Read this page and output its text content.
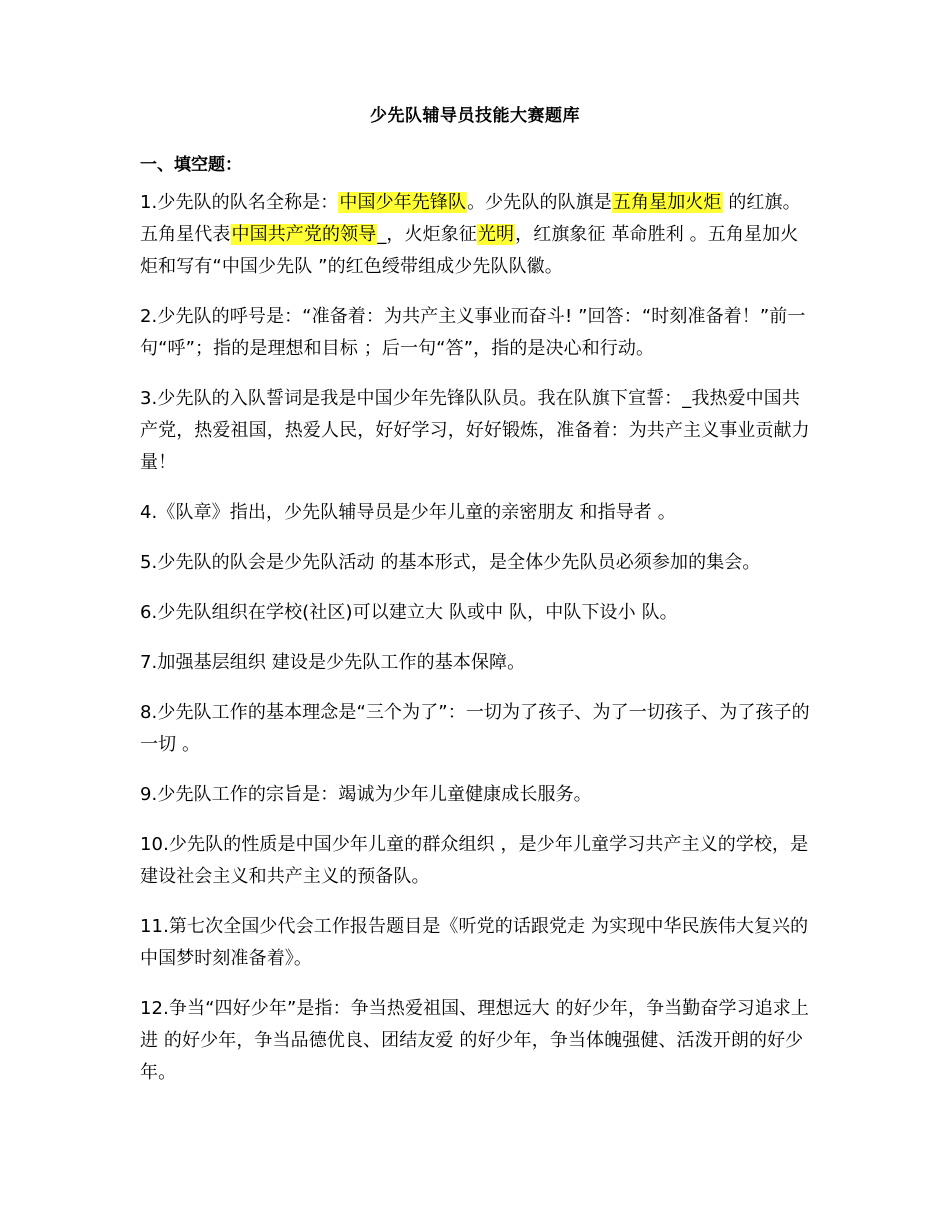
少先队辅导员技能大赛题库
一、填空题：

1.少先队的队名全称是：中国少年先锋队。少先队的队旗是五角星加火炬 的红旗。五角星代表中国共产党的领导_，火炬象征光明，红旗象征 革命胜利 。五角星加火炬和写有“中国少先队 ”的红色绶带组成少先队队徽。

2.少先队的呼号是：“准备着：为共产主义事业而奋斗! ”回答：“时刻准备着！”前一句“呼”；指的是理想和目标 ；后一句“答”，指的是决心和行动。

3.少先队的入队誓词是我是中国少年先锋队队员。我在队旗下宣誓：_我热爱中国共产党，热爱祖国，热爱人民，好好学习，好好锻炼，准备着：为共产主义事业贡献力量！

4.《队章》指出，少先队辅导员是少年儿童的亲密朋友 和指导者 。

5.少先队的队会是少先队活动 的基本形式，是全体少先队员必须参加的集会。

6.少先队组织在学校(社区)可以建立大 队或中 队，中队下设小 队。

7.加强基层组织 建设是少先队工作的基本保障。

8.少先队工作的基本理念是“三个为了”：一切为了孩子、为了一切孩子、为了孩子的一切 。

9.少先队工作的宗旨是：竭诚为少年儿童健康成长服务。

10.少先队的性质是中国少年儿童的群众组织 ，是少年儿童学习共产主义的学校，是建设社会主义和共产主义的预备队。

11.第七次全国少代会工作报告题目是《听党的话跟党走 为实现中华民族伟大复兴的中国梦时刻准备着》。

12.争当“四好少年”是指：争当热爱祖国、理想远大 的好少年，争当勤奋学习追求上进 的好少年，争当品德优良、团结友爱 的好少年，争当体魄强健、活泼开朗的好少年。
